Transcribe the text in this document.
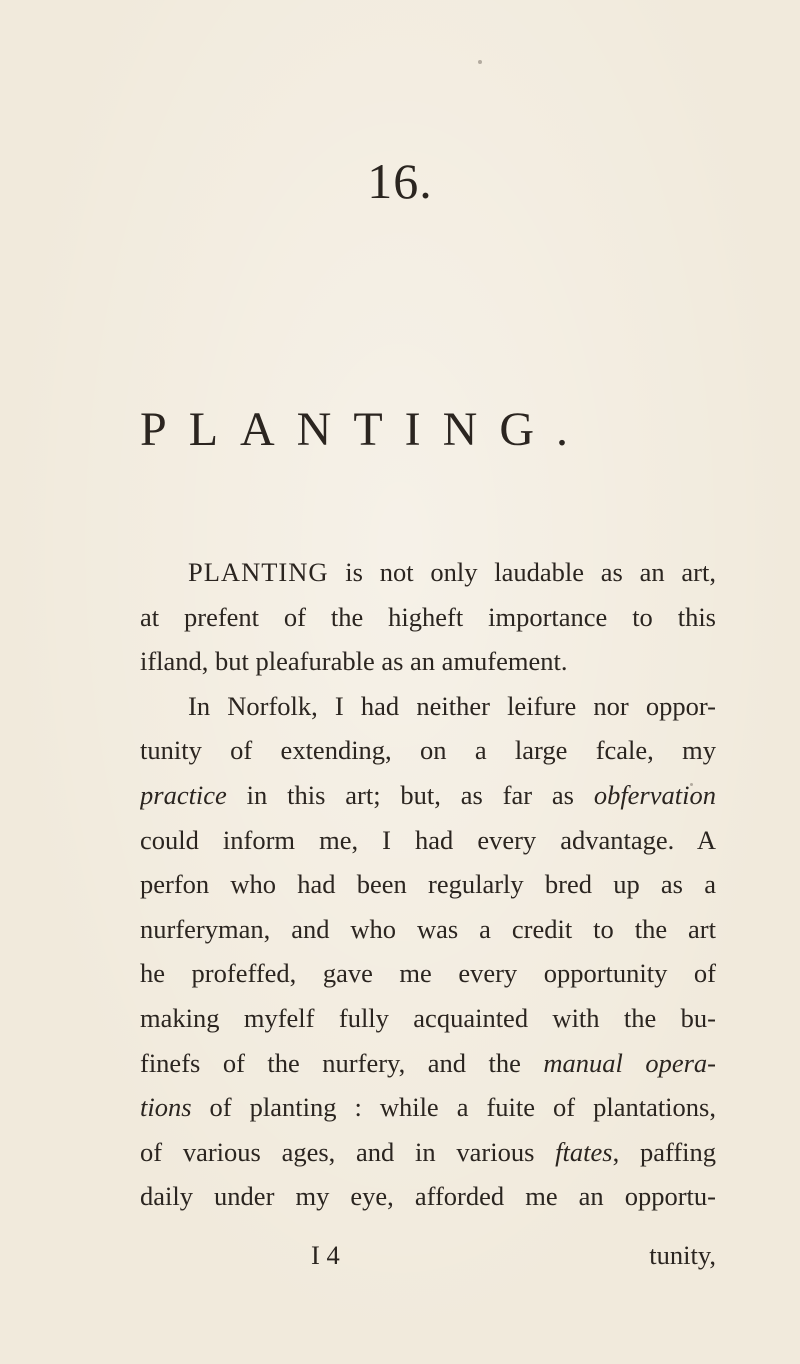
16.
PLANTING.
PLANTING is not only laudable as an art,
at prefent of the higheft importance to this
ifland, but pleafurable as an amufement.
In Norfolk, I had neither leifure nor oppor-
tunity of extending, on a large fcale, my
practice in this art; but, as far as obfervation
could inform me, I had every advantage. A
perfon who had been regularly bred up as a
nurferyman, and who was a credit to the art
he profeffed, gave me every opportunity of
making myfelf fully acquainted with the bu-
finefs of the nurfery, and the manual opera-
tions of planting : while a fuite of plantations,
of various ages, and in various ftates, paffing
daily under my eye, afforded me an opportu-
I 4	tunity,
